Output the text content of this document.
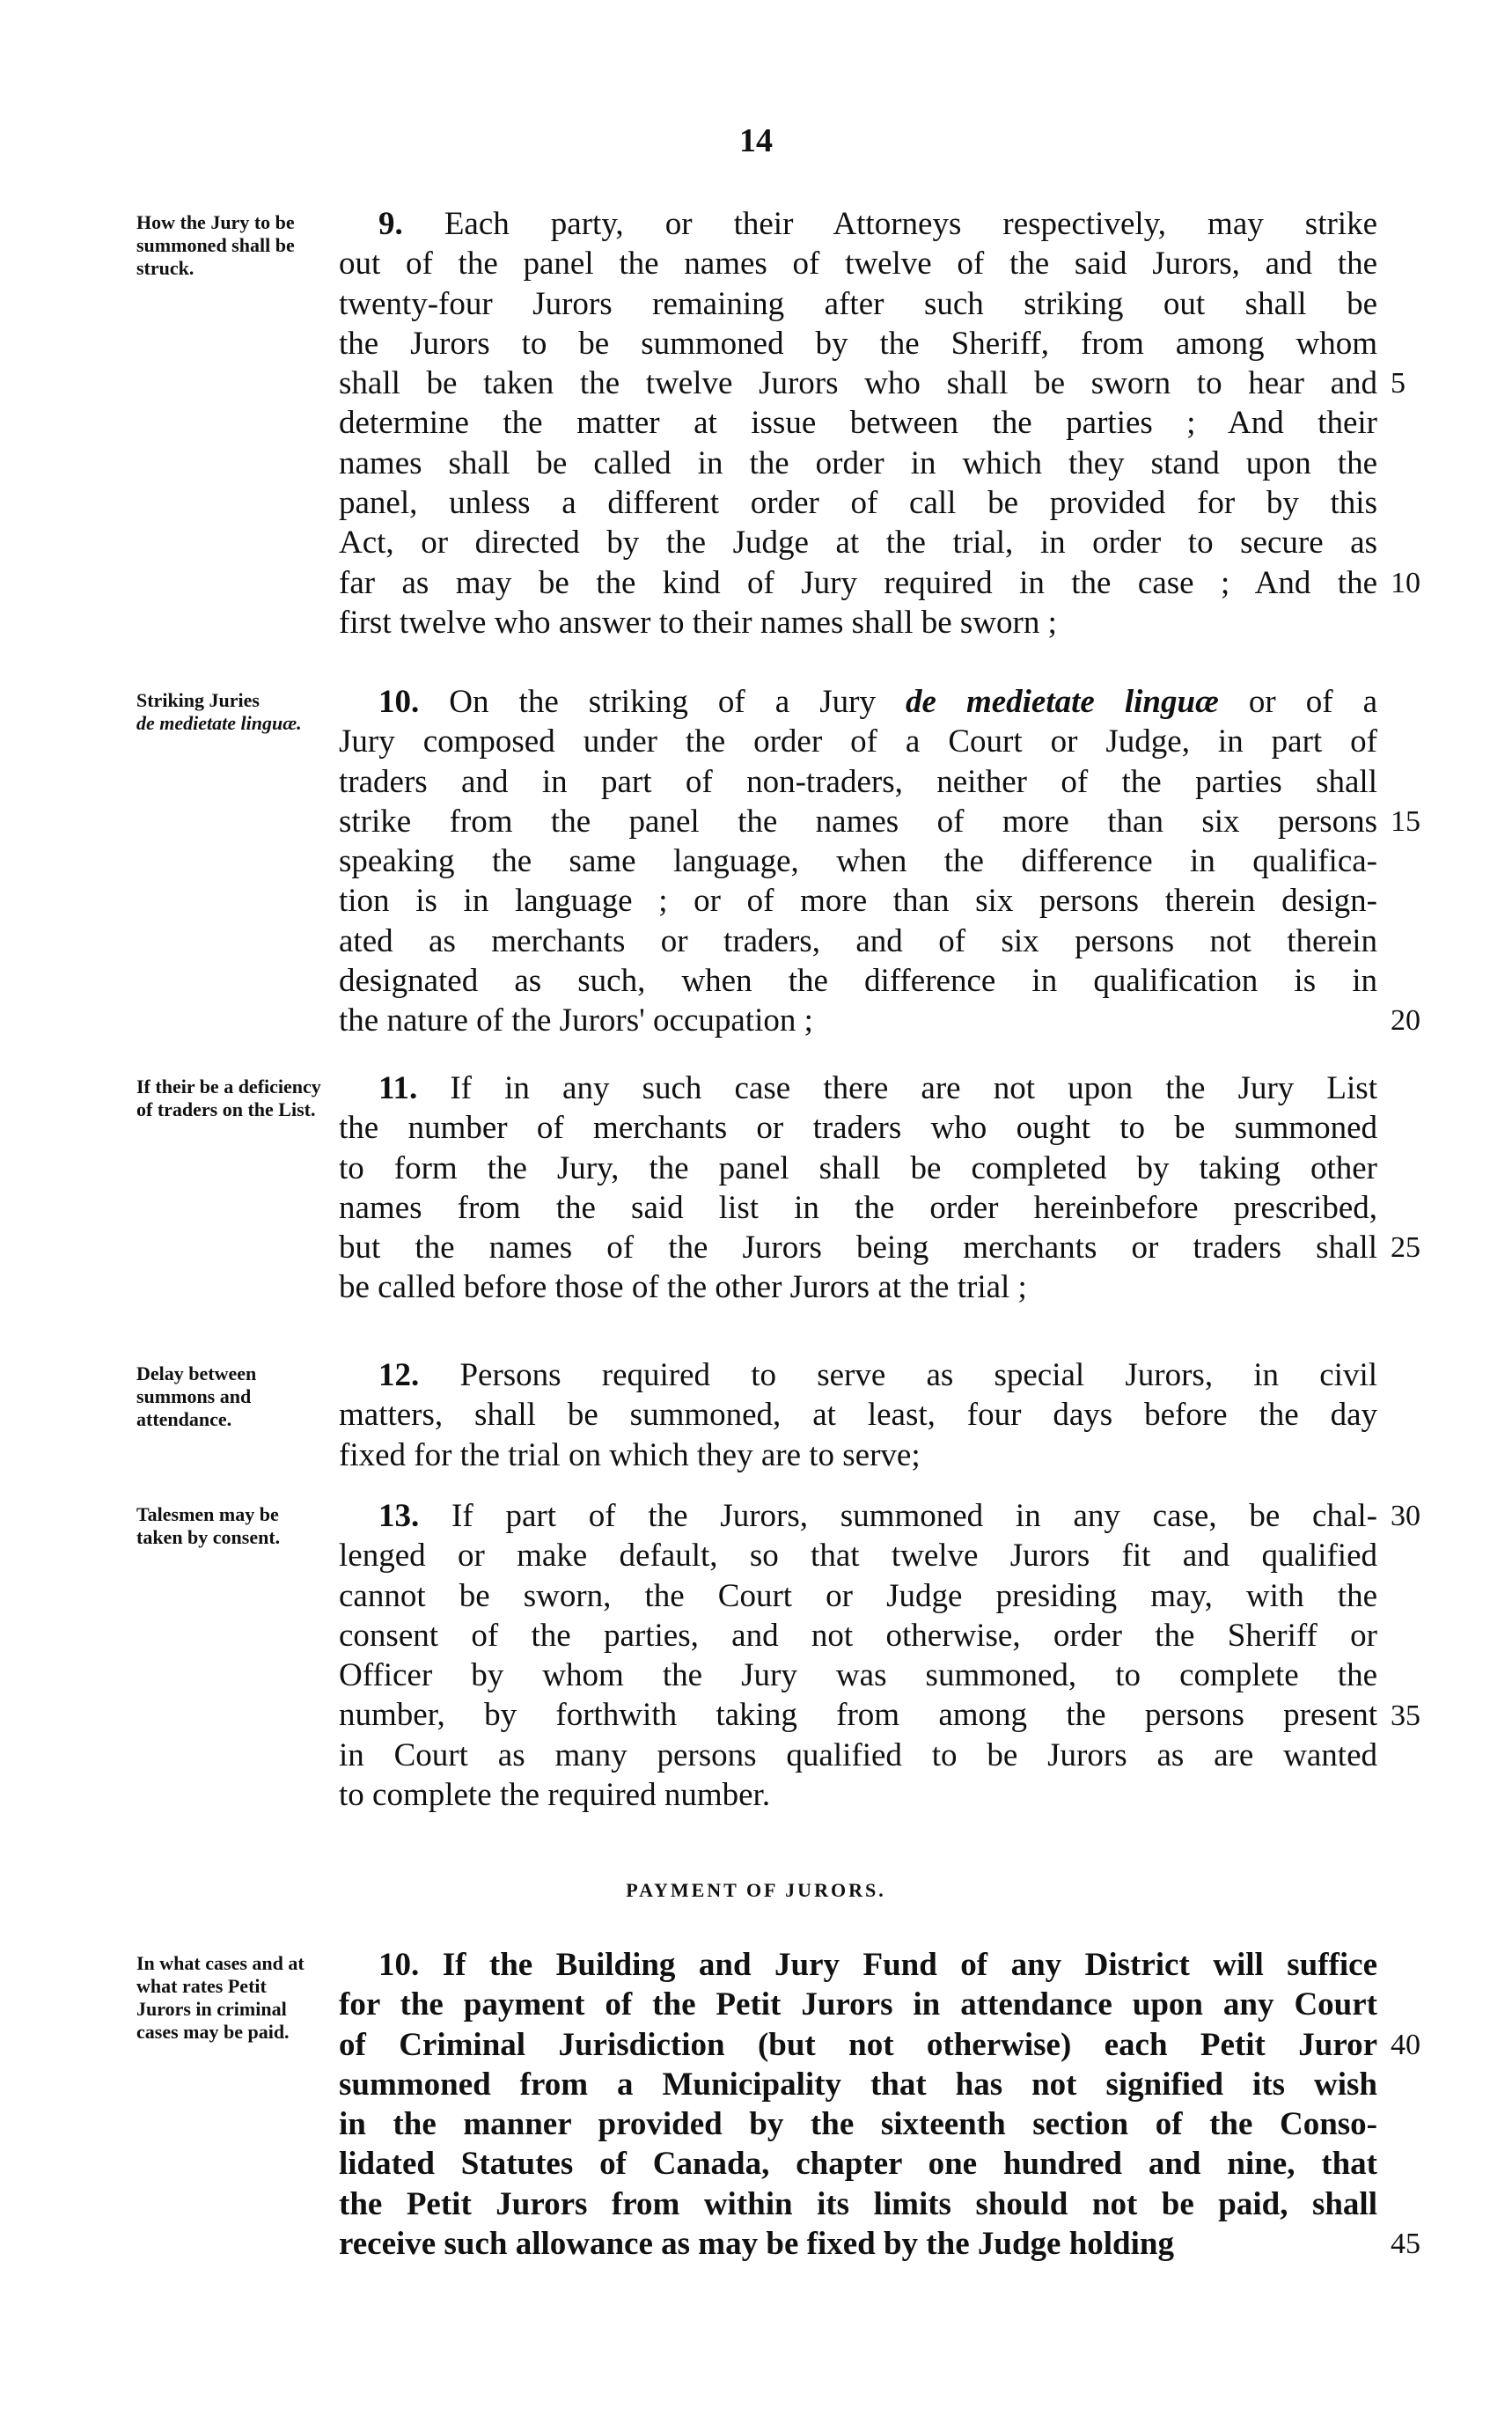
14
How the Jury to be summoned shall be struck.
9. Each party, or their Attorneys respectively, may strike
out of the panel the names of twelve of the said Jurors, and the
twenty-four Jurors remaining after such striking out shall be
the Jurors to be summoned by the Sheriff, from among whom
shall be taken the twelve Jurors who shall be sworn to hear and
determine the matter at issue between the parties ; And their
names shall be called in the order in which they stand upon the
panel, unless a different order of call be provided for by this
Act, or directed by the Judge at the trial, in order to secure as
far as may be the kind of Jury required in the case ; And the
first twelve who answer to their names shall be sworn ;
5
10
Striking Juries
de medietate linguæ.
10. On the striking of a Jury de medietate linguæ or of a
Jury composed under the order of a Court or Judge, in part of
traders and in part of non-traders, neither of the parties shall
strike from the panel the names of more than six persons
speaking the same language, when the difference in qualifica-
tion is in language ; or of more than six persons therein design-
ated as merchants or traders, and of six persons not therein
designated as such, when the difference in qualification is in
the nature of the Jurors' occupation ;
15
20
If their be a deficiency of traders on the List.
11. If in any such case there are not upon the Jury List
the number of merchants or traders who ought to be summoned
to form the Jury, the panel shall be completed by taking other
names from the said list in the order hereinbefore prescribed,
but the names of the Jurors being merchants or traders shall
be called before those of the other Jurors at the trial ;
25
Delay between summons and attendance.
12. Persons required to serve as special Jurors, in civil
matters, shall be summoned, at least, four days before the day
fixed for the trial on which they are to serve;
Talesmen may be taken by consent.
13. If part of the Jurors, summoned in any case, be chal-
lenged or make default, so that twelve Jurors fit and qualified
cannot be sworn, the Court or Judge presiding may, with the
consent of the parties, and not otherwise, order the Sheriff or
Officer by whom the Jury was summoned, to complete the
number, by forthwith taking from among the persons present
in Court as many persons qualified to be Jurors as are wanted
to complete the required number.
30
35
PAYMENT OF JURORS.
In what cases and at what rates Petit Jurors in criminal cases may be paid.
10. If the Building and Jury Fund of any District will suffice
for the payment of the Petit Jurors in attendance upon any Court
of Criminal Jurisdiction (but not otherwise) each Petit Juror
summoned from a Municipality that has not signified its wish
in the manner provided by the sixteenth section of the Conso-
lidated Statutes of Canada, chapter one hundred and nine, that
the Petit Jurors from within its limits should not be paid, shall
receive such allowance as may be fixed by the Judge holding
40
45
